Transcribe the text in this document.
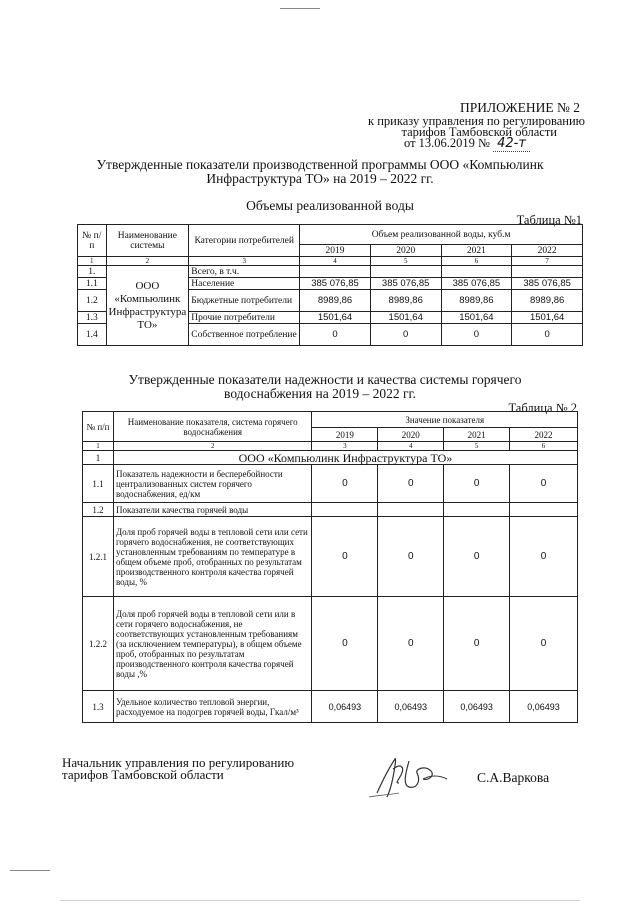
ПРИЛОЖЕНИЕ № 2
к приказу управления по регулированию
тарифов Тамбовской области
от 13.06.2019 № 42-т
Утвержденные показатели производственной программы ООО «Компьюлинк
Инфраструктура ТО» на 2019 – 2022 гг.
Объемы реализованной воды
Таблица №1
№ п/п	Наименование системы	Категории потребителей	Объем реализованной воды, куб.м			
			2019	2020	2021	2022
1	2	3	4	5	6	7
1.	ООО «Компьюлинк Инфраструктура ТО»	Всего, в т.ч.				
1.1		Население	385 076,85	385 076,85	385 076,85	385 076,85
1.2		Бюджетные потребители	8989,86	8989,86	8989,86	8989,86
1.3		Прочие потребители	1501,64	1501,64	1501,64	1501,64
1.4		Собственное потребление	0	0	0	0
Утвержденные показатели надежности и качества системы горячего
водоснабжения на 2019 – 2022 гг.
Таблица № 2
№ п/п	Наименование показателя, система горячего водоснабжения	Значение показателя			
		2019	2020	2021	2022
1	2	3	4	5	6
1	ООО «Компьюлинк Инфраструктура ТО»				
1.1	Показатель надежности и бесперебойности централизованных систем горячего водоснабжения, ед/км	0	0	0	0
1.2	Показатели качества горячей воды				
1.2.1	Доля проб горячей воды в тепловой сети или сети горячего водоснабжения, не соответствующих установленным требованиям по температуре в общем объеме проб, отобранных по результатам производственного контроля качества горячей воды, %	0	0	0	0
1.2.2	Доля проб горячей воды в тепловой сети или в сети горячего водоснабжения, не соответствующих установленным требованиям (за исключением температуры), в общем объеме проб, отобранных по результатам производственного контроля качества горячей воды ,%	0	0	0	0
1.3	Удельное количество тепловой энергии, расходуемое на подогрев горячей воды, Гкал/м³	0,06493	0,06493	0,06493	0,06493
Начальник управления по регулированию
тарифов Тамбовской области	С.А.Варкова
